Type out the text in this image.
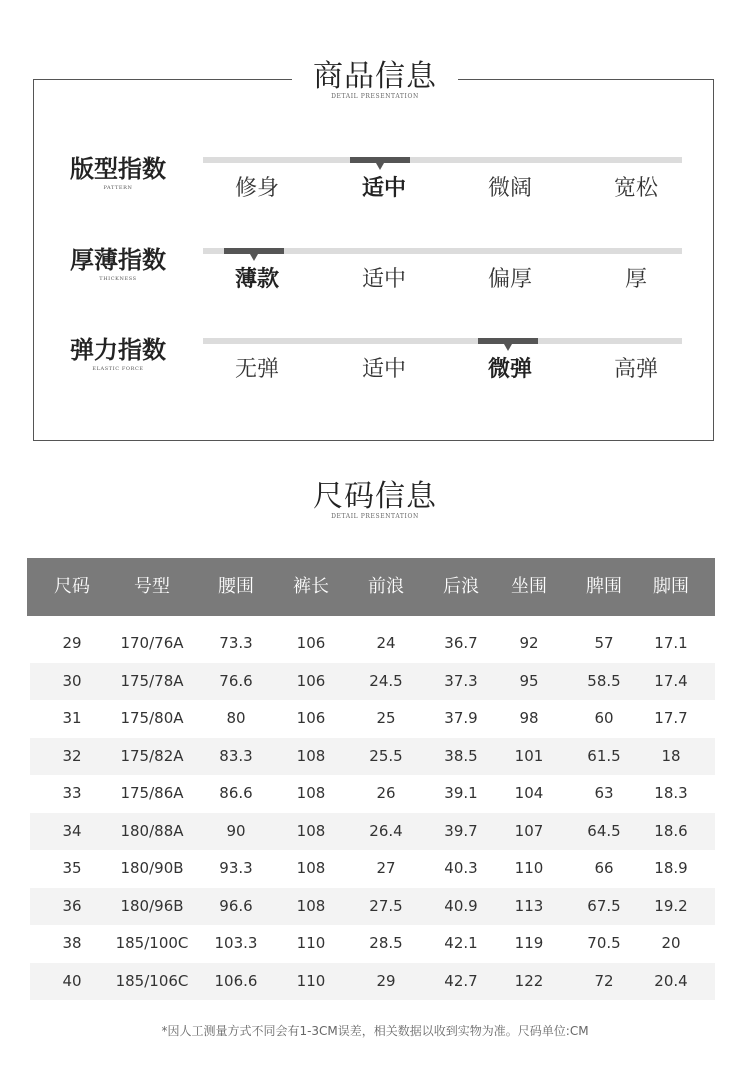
商品信息
DETAIL PRESENTATION
版型指数
PATTERN	修身	适中	微阔	宽松
厚薄指数
THICKNESS	薄款	适中	偏厚	厚
弹力指数
ELASTIC FORCE	无弹	适中	微弹	高弹
尺码信息
DETAIL PRESENTATION
尺码	号型	腰围	裤长	前浪	后浪	坐围	脾围	脚围
29	170/76A	73.3	106	24	36.7	92	57	17.1
30	175/78A	76.6	106	24.5	37.3	95	58.5	17.4
31	175/80A	80	106	25	37.9	98	60	17.7
32	175/82A	83.3	108	25.5	38.5	101	61.5	18
33	175/86A	86.6	108	26	39.1	104	63	18.3
34	180/88A	90	108	26.4	39.7	107	64.5	18.6
35	180/90B	93.3	108	27	40.3	110	66	18.9
36	180/96B	96.6	108	27.5	40.9	113	67.5	19.2
38	185/100C	103.3	110	28.5	42.1	119	70.5	20
40	185/106C	106.6	110	29	42.7	122	72	20.4
*因人工测量方式不同会有1-3CM误差，相关数据以收到实物为准。尺码单位:CM
